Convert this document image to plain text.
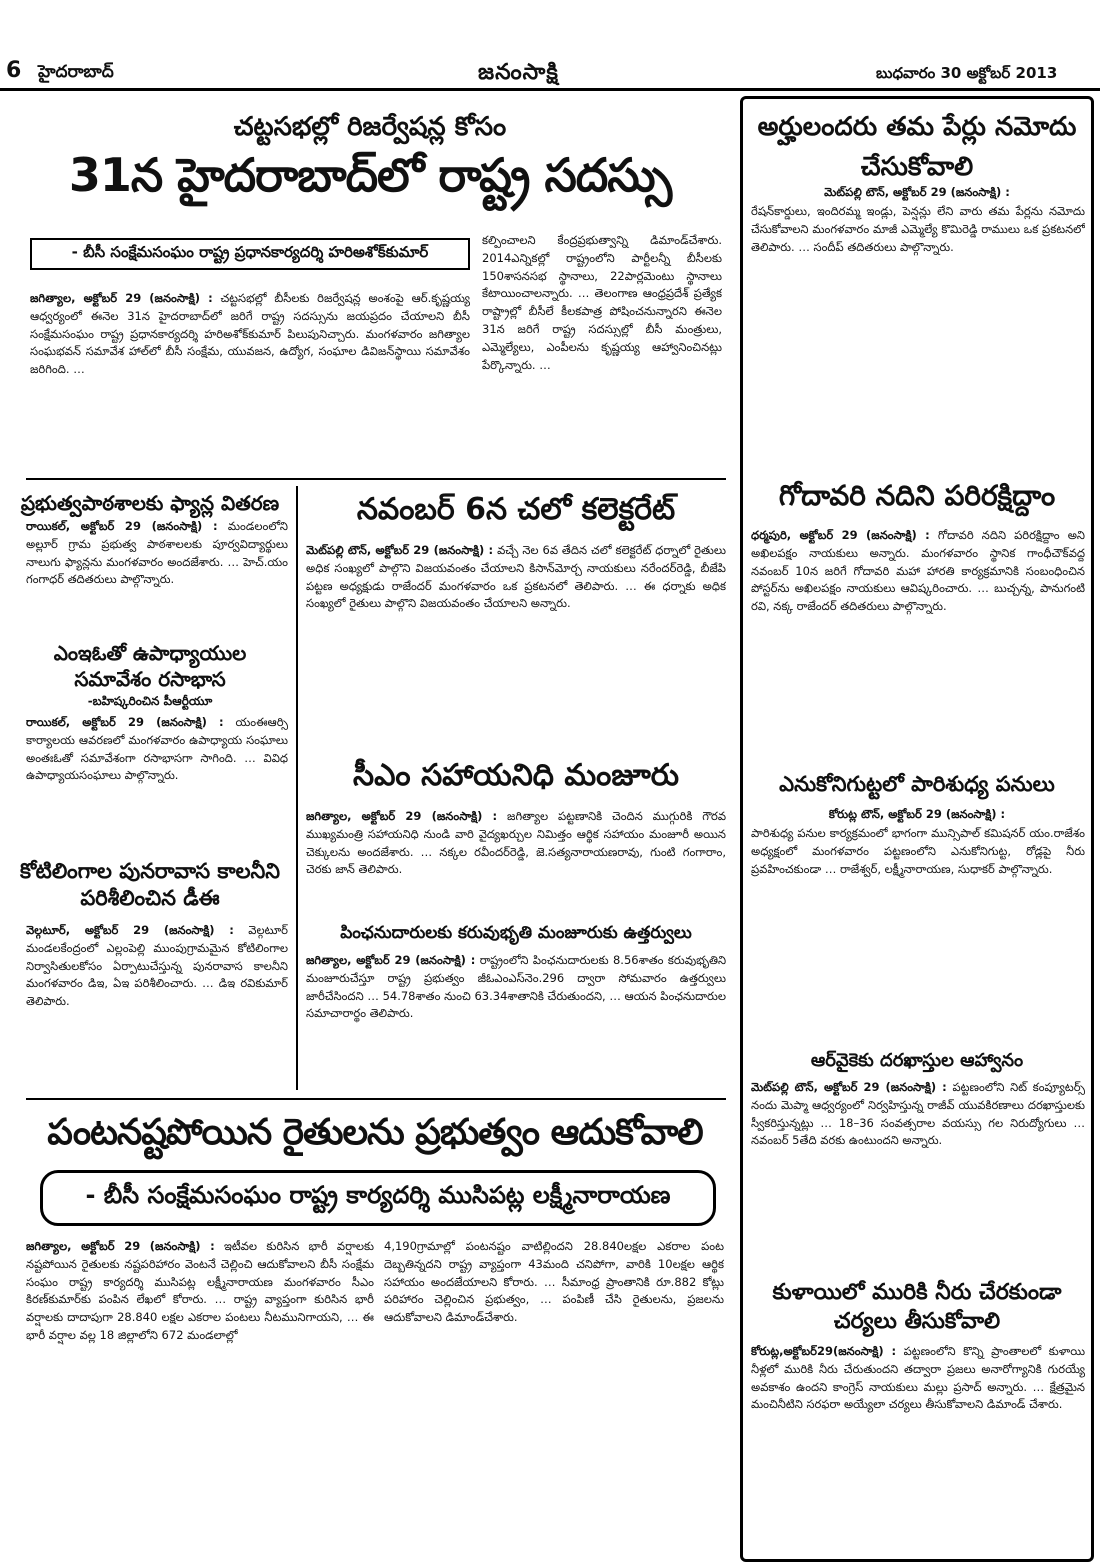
6 హైదరాబాద్	జనంసాక్షి	బుధవారం 30 అక్టోబర్ 2013
చట్టసభల్లో రిజర్వేషన్ల కోసం
31న హైదరాబాద్‌లో రాష్ట్ర సదస్సు
- బీసీ సంక్షేమసంఘం రాష్ట్ర ప్రధానకార్యదర్శి హరిఅశోక్‌కుమార్
జగిత్యాల, అక్టోబర్ 29 (జనంసాక్షి) : చట్టసభల్లో బీసీలకు రిజర్వేషన్ల అంశంపై ఆర్.కృష్ణయ్య ఆధ్వర్యంలో ఈనెల 31న హైదరాబాద్‌లో జరిగే రాష్ట్ర సదస్సును జయప్రదం చేయాలని బీసీ సంక్షేమసంఘం రాష్ట్ర ప్రధానకార్యదర్శి హరిఅశోక్‌కుమార్ పిలుపునిచ్చారు. మంగళవారం జగిత్యాల సంఘభవన్ సమావేశ హాల్‌లో బీసీ సంక్షేమ, యువజన, ఉద్యోగ, సంఘాల డివిజన్‌స్థాయి సమావేశం జరిగింది. …
కల్పించాలని కేంద్రప్రభుత్వాన్ని డిమాండ్‌చేశారు. 2014ఎన్నికల్లో రాష్ట్రంలోని పార్టీలన్నీ బీసీలకు 150శాసనసభ స్థానాలు, 22పార్లమెంటు స్థానాలు కేటాయించాలన్నారు. … తెలంగాణ ఆంధ్రప్రదేశ్ ప్రత్యేక రాష్ట్రాల్లో బీసీలే కీలకపాత్ర పోషించనున్నారని ఈనెల 31న జరిగే రాష్ట్ర సదస్సుల్లో బీసీ మంత్రులు, ఎమ్మెల్యేలు, ఎంపీలను కృష్ణయ్య ఆహ్వానించినట్లు పేర్కొన్నారు. …
ప్రభుత్వపాఠశాలకు ఫ్యాన్ల వితరణ
రాయికల్, అక్టోబర్ 29 (జనంసాక్షి) : మండలంలోని అల్లూర్ గ్రామ ప్రభుత్వ పాఠశాలలకు పూర్వవిద్యార్థులు నాలుగు ఫ్యాన్లను మంగళవారం అందజేశారు. … హెచ్.యం గంగాధర్ తదితరులు పాల్గొన్నారు.
ఎంఇఓతో ఉపాధ్యాయుల సమావేశం రసాభాస
-బహిష్కరించిన పీఆర్టీయూ
రాయికల్, అక్టోబర్ 29 (జనంసాక్షి) : యంఈఆర్సి కార్యాలయ ఆవరణలో మంగళవారం ఉపాధ్యాయ సంఘాలు అంతఃఓతో సమావేశంగా రసాభాసగా సాగింది. … వివిధ ఉపాధ్యాయసంఘాలు పాల్గొన్నారు.
కోటిలింగాల పునరావాస కాలనీని పరిశీలించిన డీఈ
వెల్గటూర్, అక్టోబర్ 29 (జనంసాక్షి) : వెల్గటూర్ మండలకేంద్రంలో ఎల్లంపెల్లి ముంపుగ్రామమైన కోటిలింగాల నిర్వాసితులకోసం ఏర్పాటుచేస్తున్న పునరావాస కాలనీని మంగళవారం డిఇ, ఏఇ పరిశీలించారు. … డిఇ రవికుమార్ తెలిపారు.
నవంబర్ 6న చలో కలెక్టరేట్
మెట్‌పల్లి టౌన్, అక్టోబర్ 29 (జనంసాక్షి) : వచ్చే నెల 6వ తేదిన చలో కలెక్టరేట్ ధర్నాలో రైతులు అధిక సంఖ్యలో పాల్గొని విజయవంతం చేయాలని కిసాన్‌మోర్చ నాయకులు నరేందర్‌రెడ్డి, బీజేపి పట్టణ అధ్యక్షుడు రాజేందర్ మంగళవారం ఒక ప్రకటనలో తెలిపారు. … ఈ ధర్నాకు అధిక సంఖ్యలో రైతులు పాల్గొని విజయవంతం చేయాలని అన్నారు.
సీఎం సహాయనిధి మంజూరు
జగిత్యాల, అక్టోబర్ 29 (జనంసాక్షి) : జగిత్యాల పట్టణానికి చెందిన ముగ్గురికి గౌరవ ముఖ్యమంత్రి సహాయనిధి నుండి వారి వైద్యఖర్చుల నిమిత్తం ఆర్థిక సహాయం మంజూరీ అయిన చెక్కులను అందజేశారు. … నక్కల రవీందర్‌రెడ్డి, జె.సత్యనారాయణరావు, గుంటి గంగారాం, చెరకు జాన్ తెలిపారు.
పింఛనుదారులకు కరువుభృతి మంజూరుకు ఉత్తర్వులు
జగిత్యాల, అక్టోబర్ 29 (జనంసాక్షి) : రాష్ట్రంలోని పింఛనుదారులకు 8.56శాతం కరువుభృతిని మంజూరుచేస్తూ రాష్ట్ర ప్రభుత్వం జీఓఎంఎస్‌నెం.296 ద్వారా సోమవారం ఉత్తర్వులు జారీచేసిందని … 54.78శాతం నుంచి 63.34శాతానికి చేరుతుందని, … ఆయన పింఛనుదారుల సమాచారార్థం తెలిపారు.
పంటనష్టపోయిన రైతులను ప్రభుత్వం ఆదుకోవాలి
- బీసీ సంక్షేమసంఘం రాష్ట్ర కార్యదర్శి ముసిపట్ల లక్ష్మీనారాయణ
జగిత్యాల, అక్టోబర్ 29 (జనంసాక్షి) : ఇటీవల కురిసిన భారీ వర్షాలకు నష్టపోయిన రైతులకు నష్టపరిహారం వెంటనే చెల్లించి ఆదుకోవాలని బీసీ సంక్షేమ సంఘం రాష్ట్ర కార్యదర్శి ముసిపట్ల లక్ష్మీనారాయణ మంగళవారం సీఎం కిరణ్‌కుమార్‌కు పంపిన లేఖలో కోరారు. … రాష్ట్ర వ్యాప్తంగా కురిసిన భారీ వర్షాలకు దాదాపుగా 28.840 లక్షల ఎకరాల పంటలు నీటమునిగాయని, … ఈ భారీ వర్షాల వల్ల 18 జిల్లాలోని 672 మండలాల్లో
4,190గ్రామాల్లో పంటనష్టం వాటిల్లిందని 28.840లక్షల ఎకరాల పంట దెబ్బతిన్నదని రాష్ట్ర వ్యాప్తంగా 43మంది చనిపోగా, వారికి 10లక్షల ఆర్థిక సహాయం అందజేయాలని కోరారు. … సీమాంధ్ర ప్రాంతానికి రూ.882 కోట్లు పరిహారం చెల్లించిన ప్రభుత్వం, … పంపిణీ చేసి రైతులను, ప్రజలను ఆదుకోవాలని డిమాండ్‌చేశారు.
అర్హులందరు తమ పేర్లు నమోదు చేసుకోవాలి
మెట్‌పల్లి టౌన్, అక్టోబర్ 29 (జనంసాక్షి) :
రేషన్‌కార్డులు, ఇందిరమ్మ ఇండ్లు, పెన్షన్లు లేని వారు తమ పేర్లను నమోదు చేసుకోవాలని మంగళవారం మాజీ ఎమ్మెల్యే కొమిరెడ్డి రాములు ఒక ప్రకటనలో తెలిపారు. … సందీప్ తదితరులు పాల్గొన్నారు.
గోదావరి నదిని పరిరక్షిద్దాం
ధర్మపురి, అక్టోబర్ 29 (జనంసాక్షి) : గోదావరి నదిని పరిరక్షిద్దాం అని అఖిలపక్షం నాయకులు అన్నారు. మంగళవారం స్థానిక గాంధీచౌక్‌వద్ద నవంబర్ 10న జరిగే గోదావరి మహా హారతి కార్యక్రమానికి సంబంధించిన పోస్టర్‌ను అఖిలపక్షం నాయకులు ఆవిష్కరించారు. … బుచ్చన్న, పానుగంటి రవి, నక్క రాజేందర్ తదితరులు పాల్గొన్నారు.
ఎనుకోనిగుట్టలో పారిశుధ్య పనులు
కోరుట్ల టౌన్, అక్టోబర్ 29 (జనంసాక్షి) :
పారిశుధ్య పనుల కార్యక్రమంలో భాగంగా మున్సిపాల్ కమిషనర్ యం.రాజేశం అధ్యక్షంలో మంగళవారం పట్టణంలోని ఎనుకోనిగుట్ట, రోడ్లపై నీరు ప్రవహించకుండా … రాజేశ్వర్, లక్ష్మీనారాయణ, సుధాకర్ పాల్గొన్నారు.
ఆర్‌వైకెకు దరఖాస్తుల ఆహ్వానం
మెట్‌పల్లి టౌన్, అక్టోబర్ 29 (జనంసాక్షి) : పట్టణంలోని నిట్ కంప్యూటర్స్ నందు మెప్మా ఆధ్వర్యంలో నిర్వహిస్తున్న రాజీవ్ యువకిరణాలు దరఖాస్తులకు స్వీకరిస్తున్నట్లు … 18–36 సంవత్సరాల వయస్సు గల నిరుద్యోగులు … నవంబర్ 5తేది వరకు ఉంటుందని అన్నారు.
కుళాయిలో మురికి నీరు చేరకుండా చర్యలు తీసుకోవాలి
కోరుట్ల,అక్టోబర్29(జనంసాక్షి) : పట్టణంలోని కొన్ని ప్రాంతాలలో కుళాయి నీళ్లలో మురికి నీరు చేరుతుందని తద్వారా ప్రజలు అనారోగ్యానికి గురయ్యే అవకాశం ఉందని కాంగ్రెస్ నాయకులు మల్లు ప్రసాద్ అన్నారు. … క్షేత్రమైన మంచినీటిని సరఫరా అయ్యేలా చర్యలు తీసుకోవాలని డిమాండ్ చేశారు.
